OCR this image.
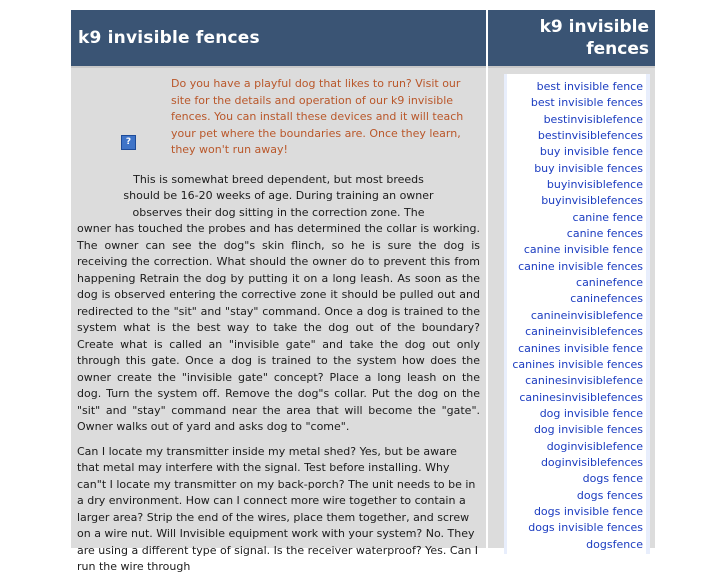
k9 invisible fences
?

Do you have a playful dog that likes to run? Visit our site for the details and operation of our k9 invisible fences. You can install these devices and it will teach your pet where the boundaries are. Once they learn, they won't run away!

This is somewhat breed dependent, but most breeds
should be 16-20 weeks of age. During training an owner
observes their dog sitting in the correction zone. The
owner has touched the probes and has determined the collar is working. The owner can see the dog"s skin flinch, so he is sure the dog is receiving the correction. What should the owner do to prevent this from happening Retrain the dog by putting it on a long leash. As soon as the dog is observed entering the corrective zone it should be pulled out and redirected to the "sit" and "stay" command. Once a dog is trained to the system what is the best way to take the dog out of the boundary? Create what is called an "invisible gate" and take the dog out only through this gate. Once a dog is trained to the system how does the owner create the "invisible gate" concept? Place a long leash on the dog. Turn the system off. Remove the dog"s collar. Put the dog on the "sit" and "stay" command near the area that will become the "gate". Owner walks out of yard and asks dog to "come".

Can I locate my transmitter inside my metal shed? Yes, but be aware that metal may interfere with the signal. Test before installing. Why can"t I locate my transmitter on my back-porch? The unit needs to be in a dry environment. How can I connect more wire together to contain a larger area? Strip the end of the wires, place them together, and screw on a wire nut. Will Invisible equipment work with your system? No. They are using a different type of signal. Is the receiver waterproof? Yes. Can I run the wire through

k9 invisible
fences
best invisible fence
best invisible fences
bestinvisiblefence
bestinvisiblefences
buy invisible fence
buy invisible fences
buyinvisiblefence
buyinvisiblefences
canine fence
canine fences
canine invisible fence
canine invisible fences
caninefence
caninefences
canineinvisiblefence
canineinvisiblefences
canines invisible fence
canines invisible fences
caninesinvisiblefence
caninesinvisiblefences
dog invisible fence
dog invisible fences
doginvisiblefence
doginvisiblefences
dogs fence
dogs fences
dogs invisible fence
dogs invisible fences
dogsfence
